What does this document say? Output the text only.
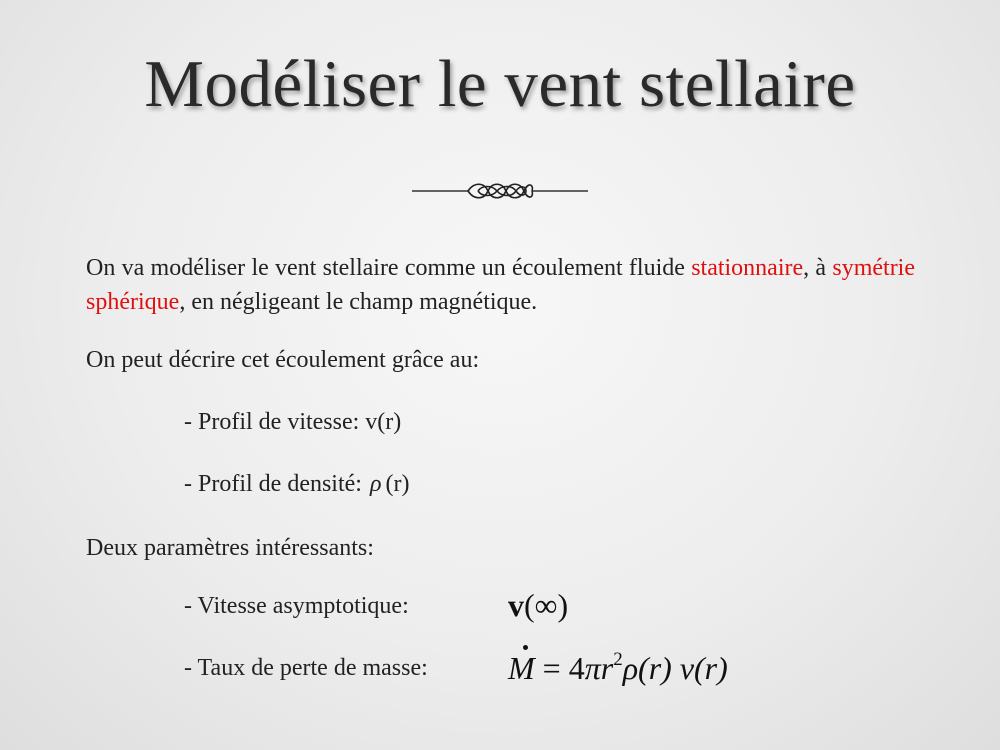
Modéliser le vent stellaire
On va modéliser le vent stellaire comme un écoulement fluide stationnaire, à symétrie sphérique, en négligeant le champ magnétique.
On peut décrire cet écoulement grâce au:
- Profil de vitesse: v(r)
- Profil de densité: ρ (r)
Deux paramètres intéressants:
- Vitesse asymptotique:	v(∞)
- Taux de perte de masse:	$M = 4\pi r^2\rho(r)$ ν(r)
